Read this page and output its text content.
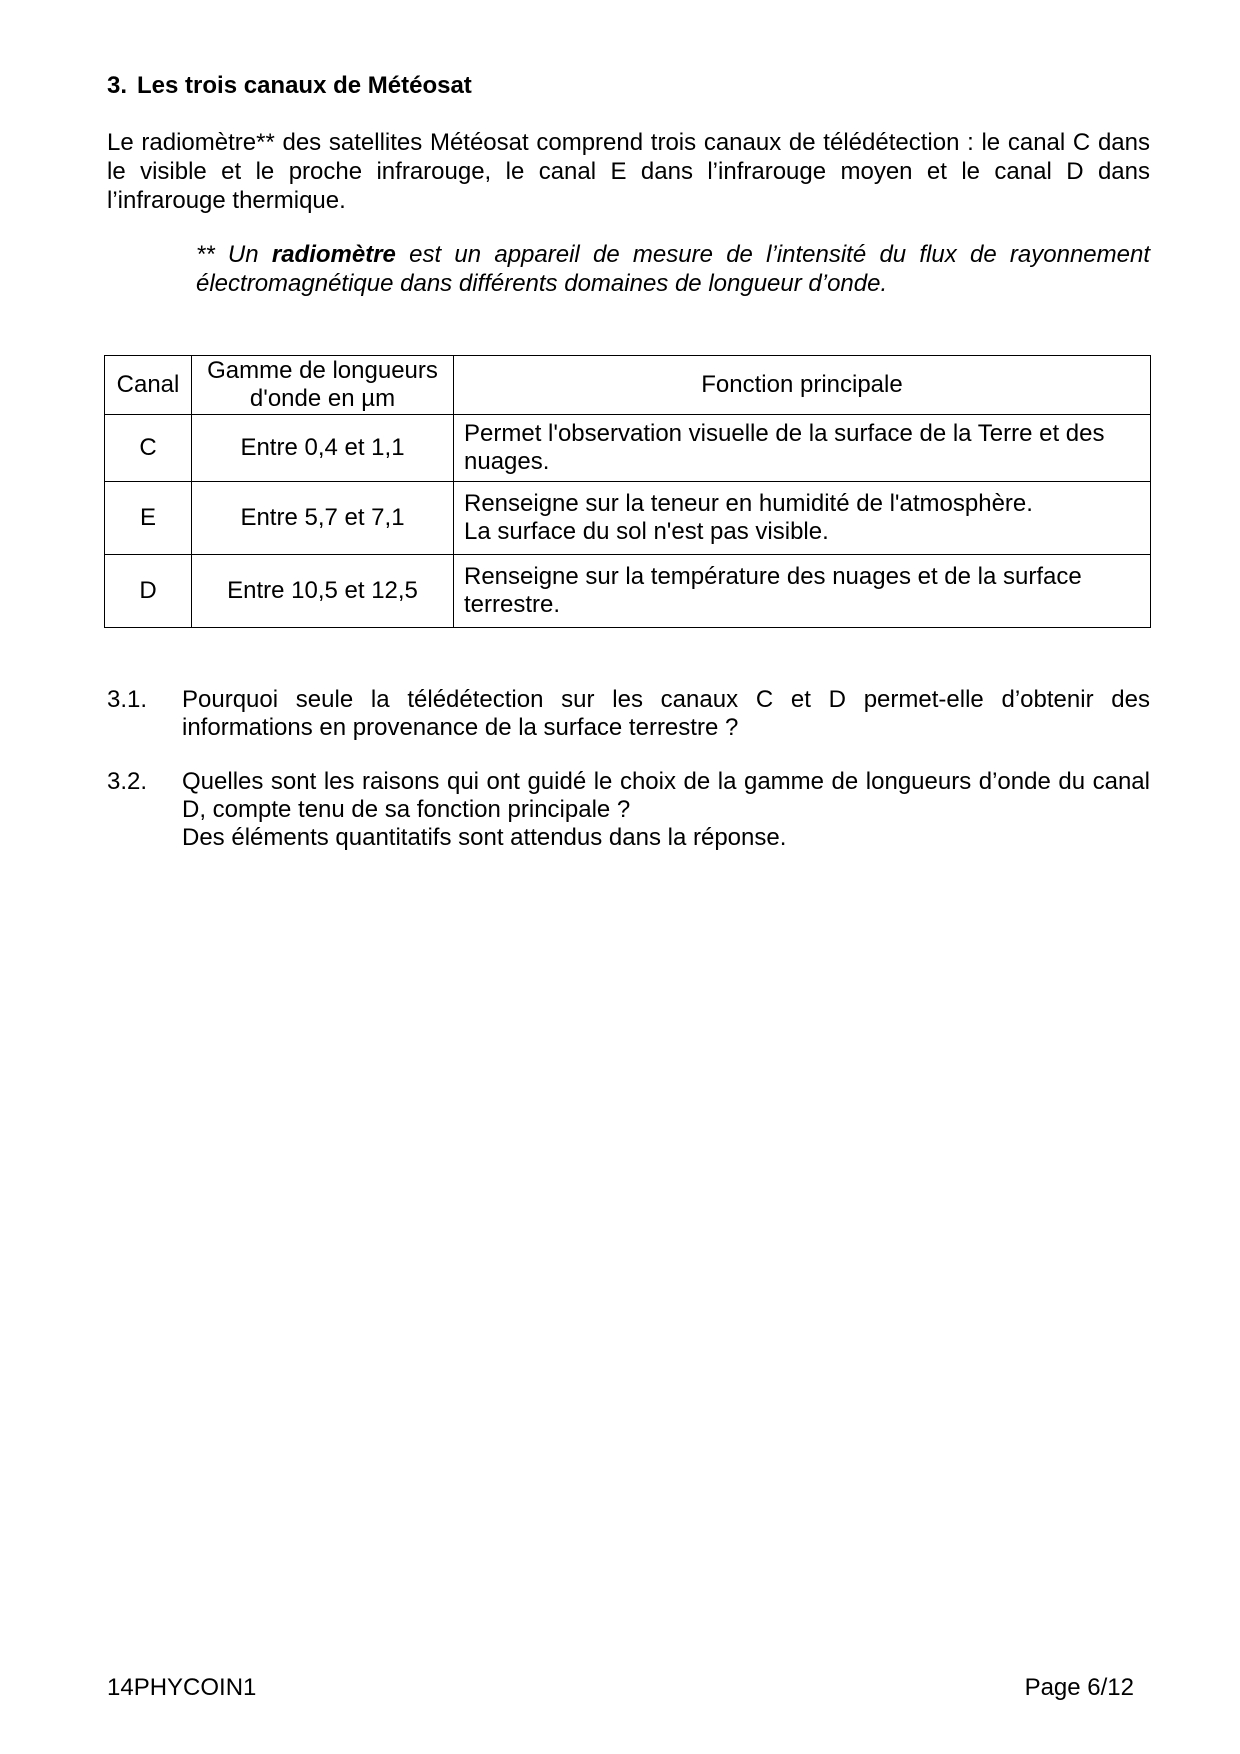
3. Les trois canaux de Météosat

Le radiomètre** des satellites Météosat comprend trois canaux de télédétection : le canal C dans le visible et le proche infrarouge, le canal E dans l’infrarouge moyen et le canal D dans l’infrarouge thermique.

** Un radiomètre est un appareil de mesure de l’intensité du flux de rayonnement électromagnétique dans différents domaines de longueur d’onde.

Canal	Gamme de longueurs d'onde en µm	Fonction principale
C	Entre 0,4 et 1,1	Permet l'observation visuelle de la surface de la Terre et des nuages.
E	Entre 5,7 et 7,1	Renseigne sur la teneur en humidité de l'atmosphère.
La surface du sol n'est pas visible.
D	Entre 10,5 et 12,5	Renseigne sur la température des nuages et de la surface terrestre.
3.1. Pourquoi seule la télédétection sur les canaux C et D permet-elle d’obtenir des informations en provenance de la surface terrestre ?
3.2. Quelles sont les raisons qui ont guidé le choix de la gamme de longueurs d’onde du canal D, compte tenu de sa fonction principale ?
Des éléments quantitatifs sont attendus dans la réponse.
14PHYCOIN1	Page 6/12
